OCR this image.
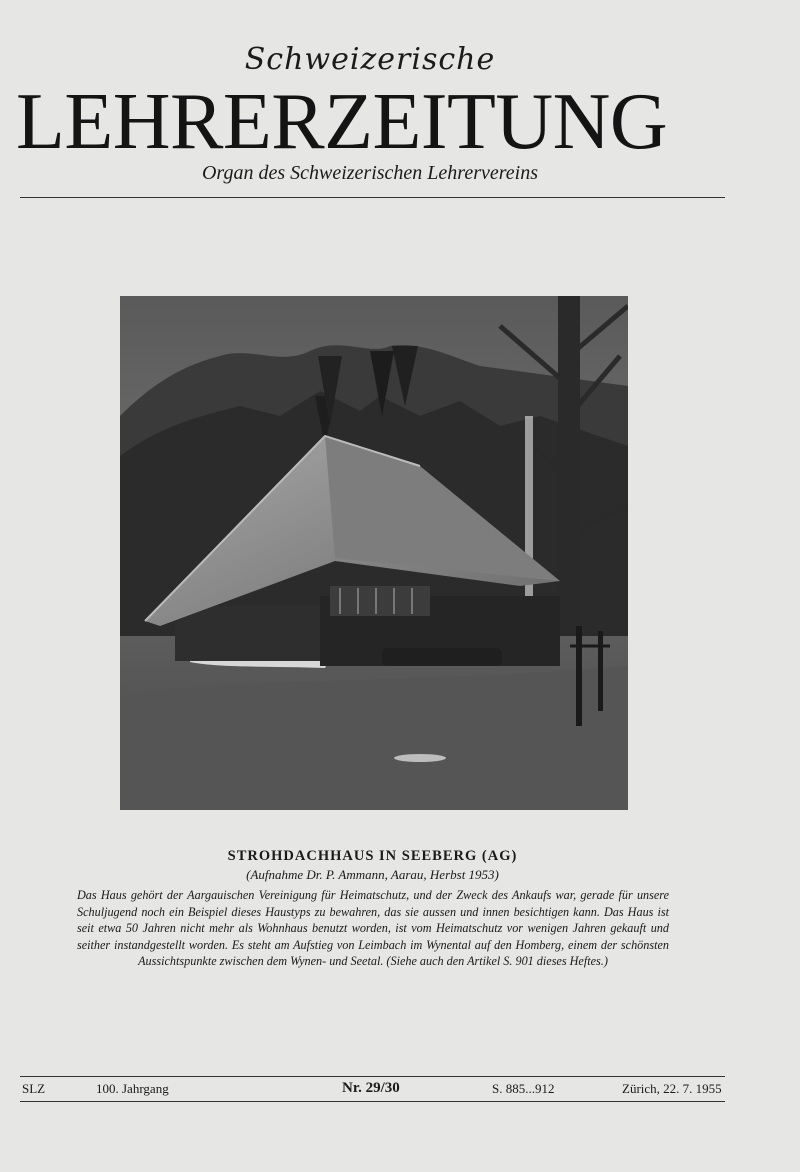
Schweizerische
LEHRERZEITUNG
Organ des Schweizerischen Lehrervereins
STROHDACHHAUS IN SEEBERG (AG)
(Aufnahme Dr. P. Ammann, Aarau, Herbst 1953)
Das Haus gehört der Aargauischen Vereinigung für Heimatschutz, und der Zweck des Ankaufs war, gerade für unsere Schuljugend noch ein Beispiel dieses Haustyps zu bewahren, das sie aussen und innen besichtigen kann. Das Haus ist seit etwa 50 Jahren nicht mehr als Wohnhaus benutzt worden, ist vom Heimatschutz vor wenigen Jahren gekauft und seither instandgestellt worden. Es steht am Aufstieg von Leimbach im Wynental auf den Homberg, einem der schönsten Aussichtspunkte zwischen dem Wynen- und Seetal. (Siehe auch den Artikel S. 901 dieses Heftes.)
SLZ	100. Jahrgang	Nr. 29/30	S. 885...912	Zürich, 22. 7. 1955
